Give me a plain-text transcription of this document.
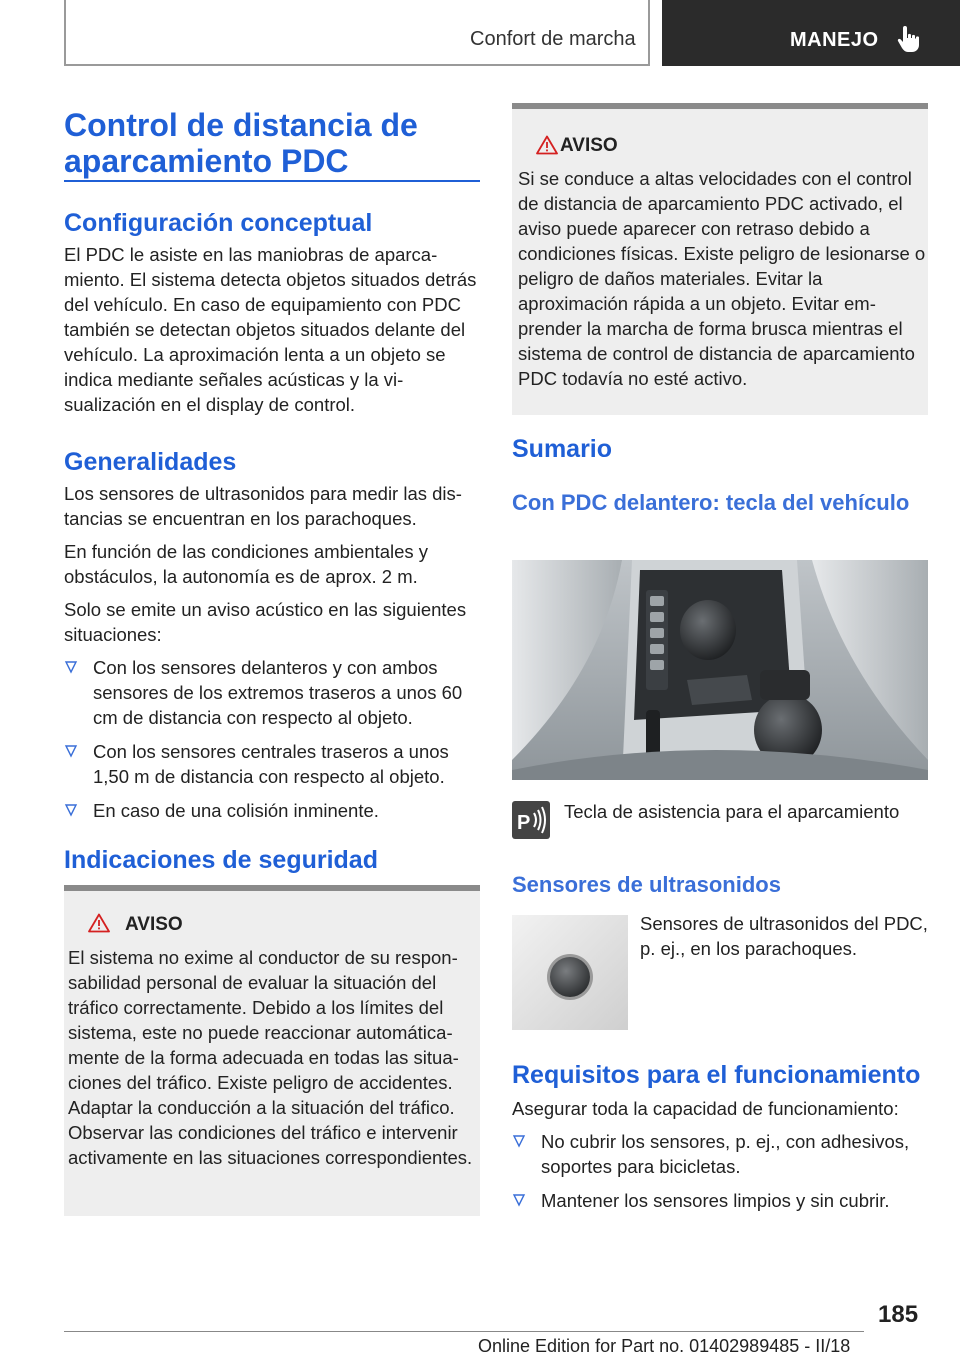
Confort de marcha	MANEJO
Control de distancia de aparcamiento PDC
Configuración conceptual

El PDC le asiste en las maniobras de aparcamiento. El sistema detecta objetos situados detrás del vehículo. En caso de equipamiento con PDC también se detectan objetos situados delante del vehículo. La aproximación lenta a un objeto se indica mediante señales acústicas y la visualización en el display de control.

Generalidades

Los sensores de ultrasonidos para medir las distancias se encuentran en los parachoques.

En función de las condiciones ambientales y obstáculos, la autonomía es de aprox. 2 m.

Solo se emite un aviso acústico en las siguientes situaciones:

Con los sensores delanteros y con ambos sensores de los extremos traseros a unos 60 cm de distancia con respecto al objeto.
Con los sensores centrales traseros a unos 1,50 m de distancia con respecto al objeto.
En caso de una colisión inminente.
Indicaciones de seguridad
AVISO

El sistema no exime al conductor de su responsabilidad personal de evaluar la situación del tráfico correctamente. Debido a los límites del sistema, este no puede reaccionar automáticamente de la forma adecuada en todas las situaciones del tráfico. Existe peligro de accidentes. Adaptar la conducción a la situación del tráfico. Observar las condiciones del tráfico e intervenir activamente en las situaciones correspondientes.

AVISO

Si se conduce a altas velocidades con el control de distancia de aparcamiento PDC activado, el aviso puede aparecer con retraso debido a condiciones físicas. Existe peligro de lesionarse o peligro de daños materiales. Evitar la aproximación rápida a un objeto. Evitar emprender la marcha de forma brusca mientras el sistema de control de distancia de aparcamiento PDC todavía no esté activo.

Sumario
Con PDC delantero: tecla del vehículo
P
Tecla de asistencia para el aparcamiento
Sensores de ultrasonidos
Sensores de ultrasonidos del PDC, p. ej., en los parachoques.
Requisitos para el funcionamiento

Asegurar toda la capacidad de funcionamiento:

No cubrir los sensores, p. ej., con adhesivos, soportes para bicicletas.
Mantener los sensores limpios y sin cubrir.
185
Online Edition for Part no. 01402989485 - II/18
